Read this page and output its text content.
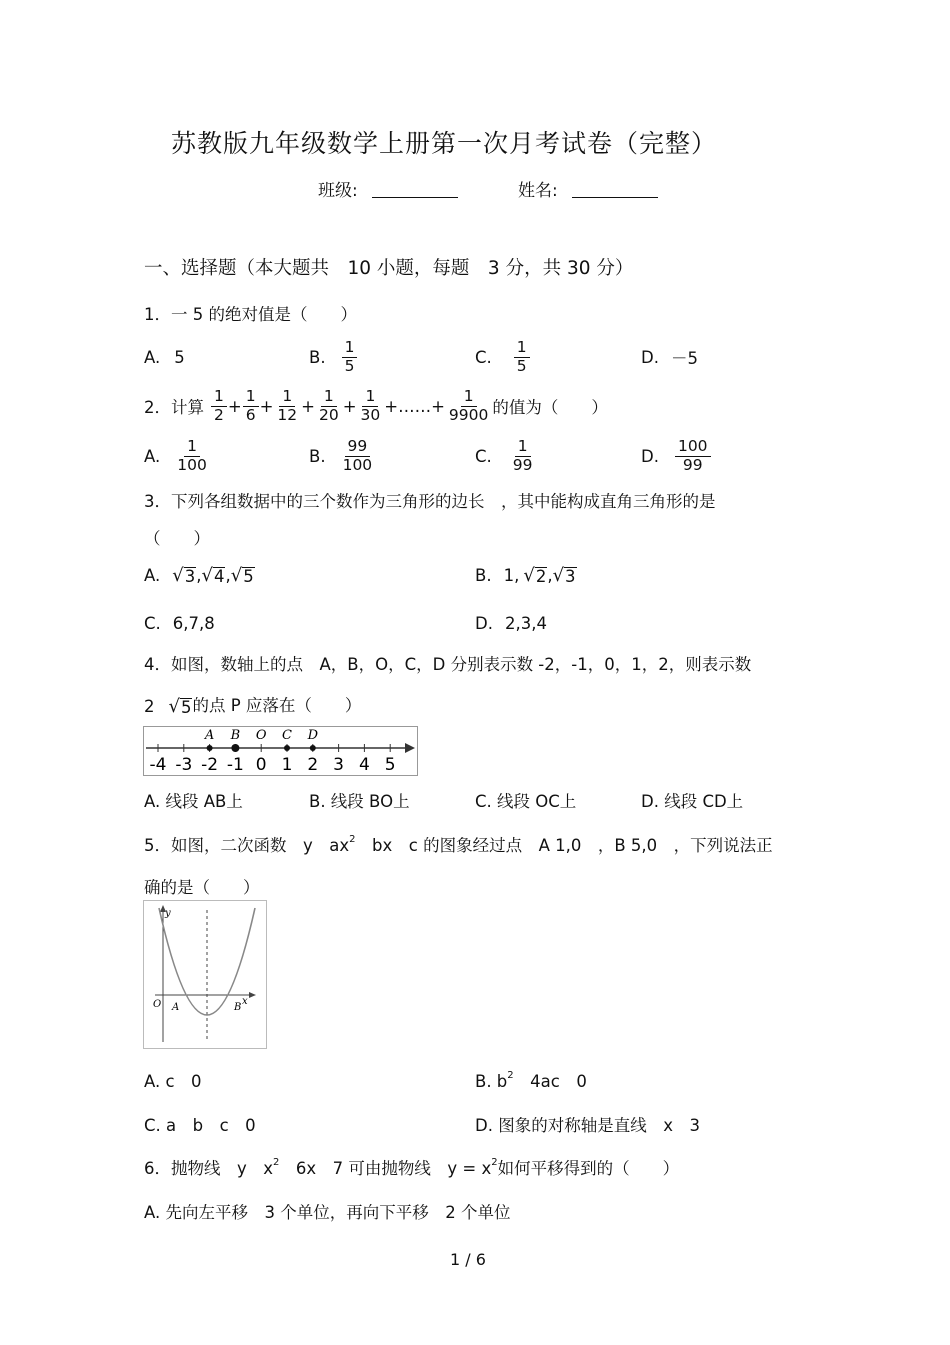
苏教版九年级数学上册第一次月考试卷（完整）
班级:	姓名:
一、选择题（本大题共　10 小题，每题　3 分，共 30 分）
1．一 5 的绝对值是（　　）
A. 5	B. $\frac{1}{5}$	C. $\frac{1}{5}$	D. －5
2．计算 $\frac{1}{2} + \frac{1}{6} + \frac{1}{12} + \frac{1}{20} + \frac{1}{30}$ +……+ $\frac{1}{9900}$ 的值为（　　）
A. $\frac{1}{100}$	B. $\frac{99}{100}$	C. $\frac{1}{99}$	D. $\frac{100}{99}$
3．下列各组数据中的三个数作为三角形的边长　，其中能构成直角三角形的是
（　　）
A. √ 3 , √ 4 , √ 5	B. 1, √ 2 , √ 3
C. 6,7,8	D. 2,3,4
4．如图，数轴上的点　A，B，O，C，D 分别表示数 -2，-1，0，1，2，则表示数
2 √ 5 的点 P 应落在（　　）
-4 -3 -2 -1 0 1 2 3 4 5
A B O C D
A. 线段 AB上	B. 线段 BO上	C. 线段 OC上	D. 线段 CD上
5．如图，二次函数　y　$ax^2$　bx　c 的图象经过点　A 1,0　，B 5,0　，下列说法正
确的是（　　）
y
x
O A	B
A. c　0	B. $b^2$　4ac　0
C. a　b　c　0	D. 图象的对称轴是直线　x　3
6．抛物线　y　$x^2$　6x　7 可由抛物线　$y = x^2$如何平移得到的（　　）
A. 先向左平移　3 个单位，再向下平移　2 个单位
1 / 6
